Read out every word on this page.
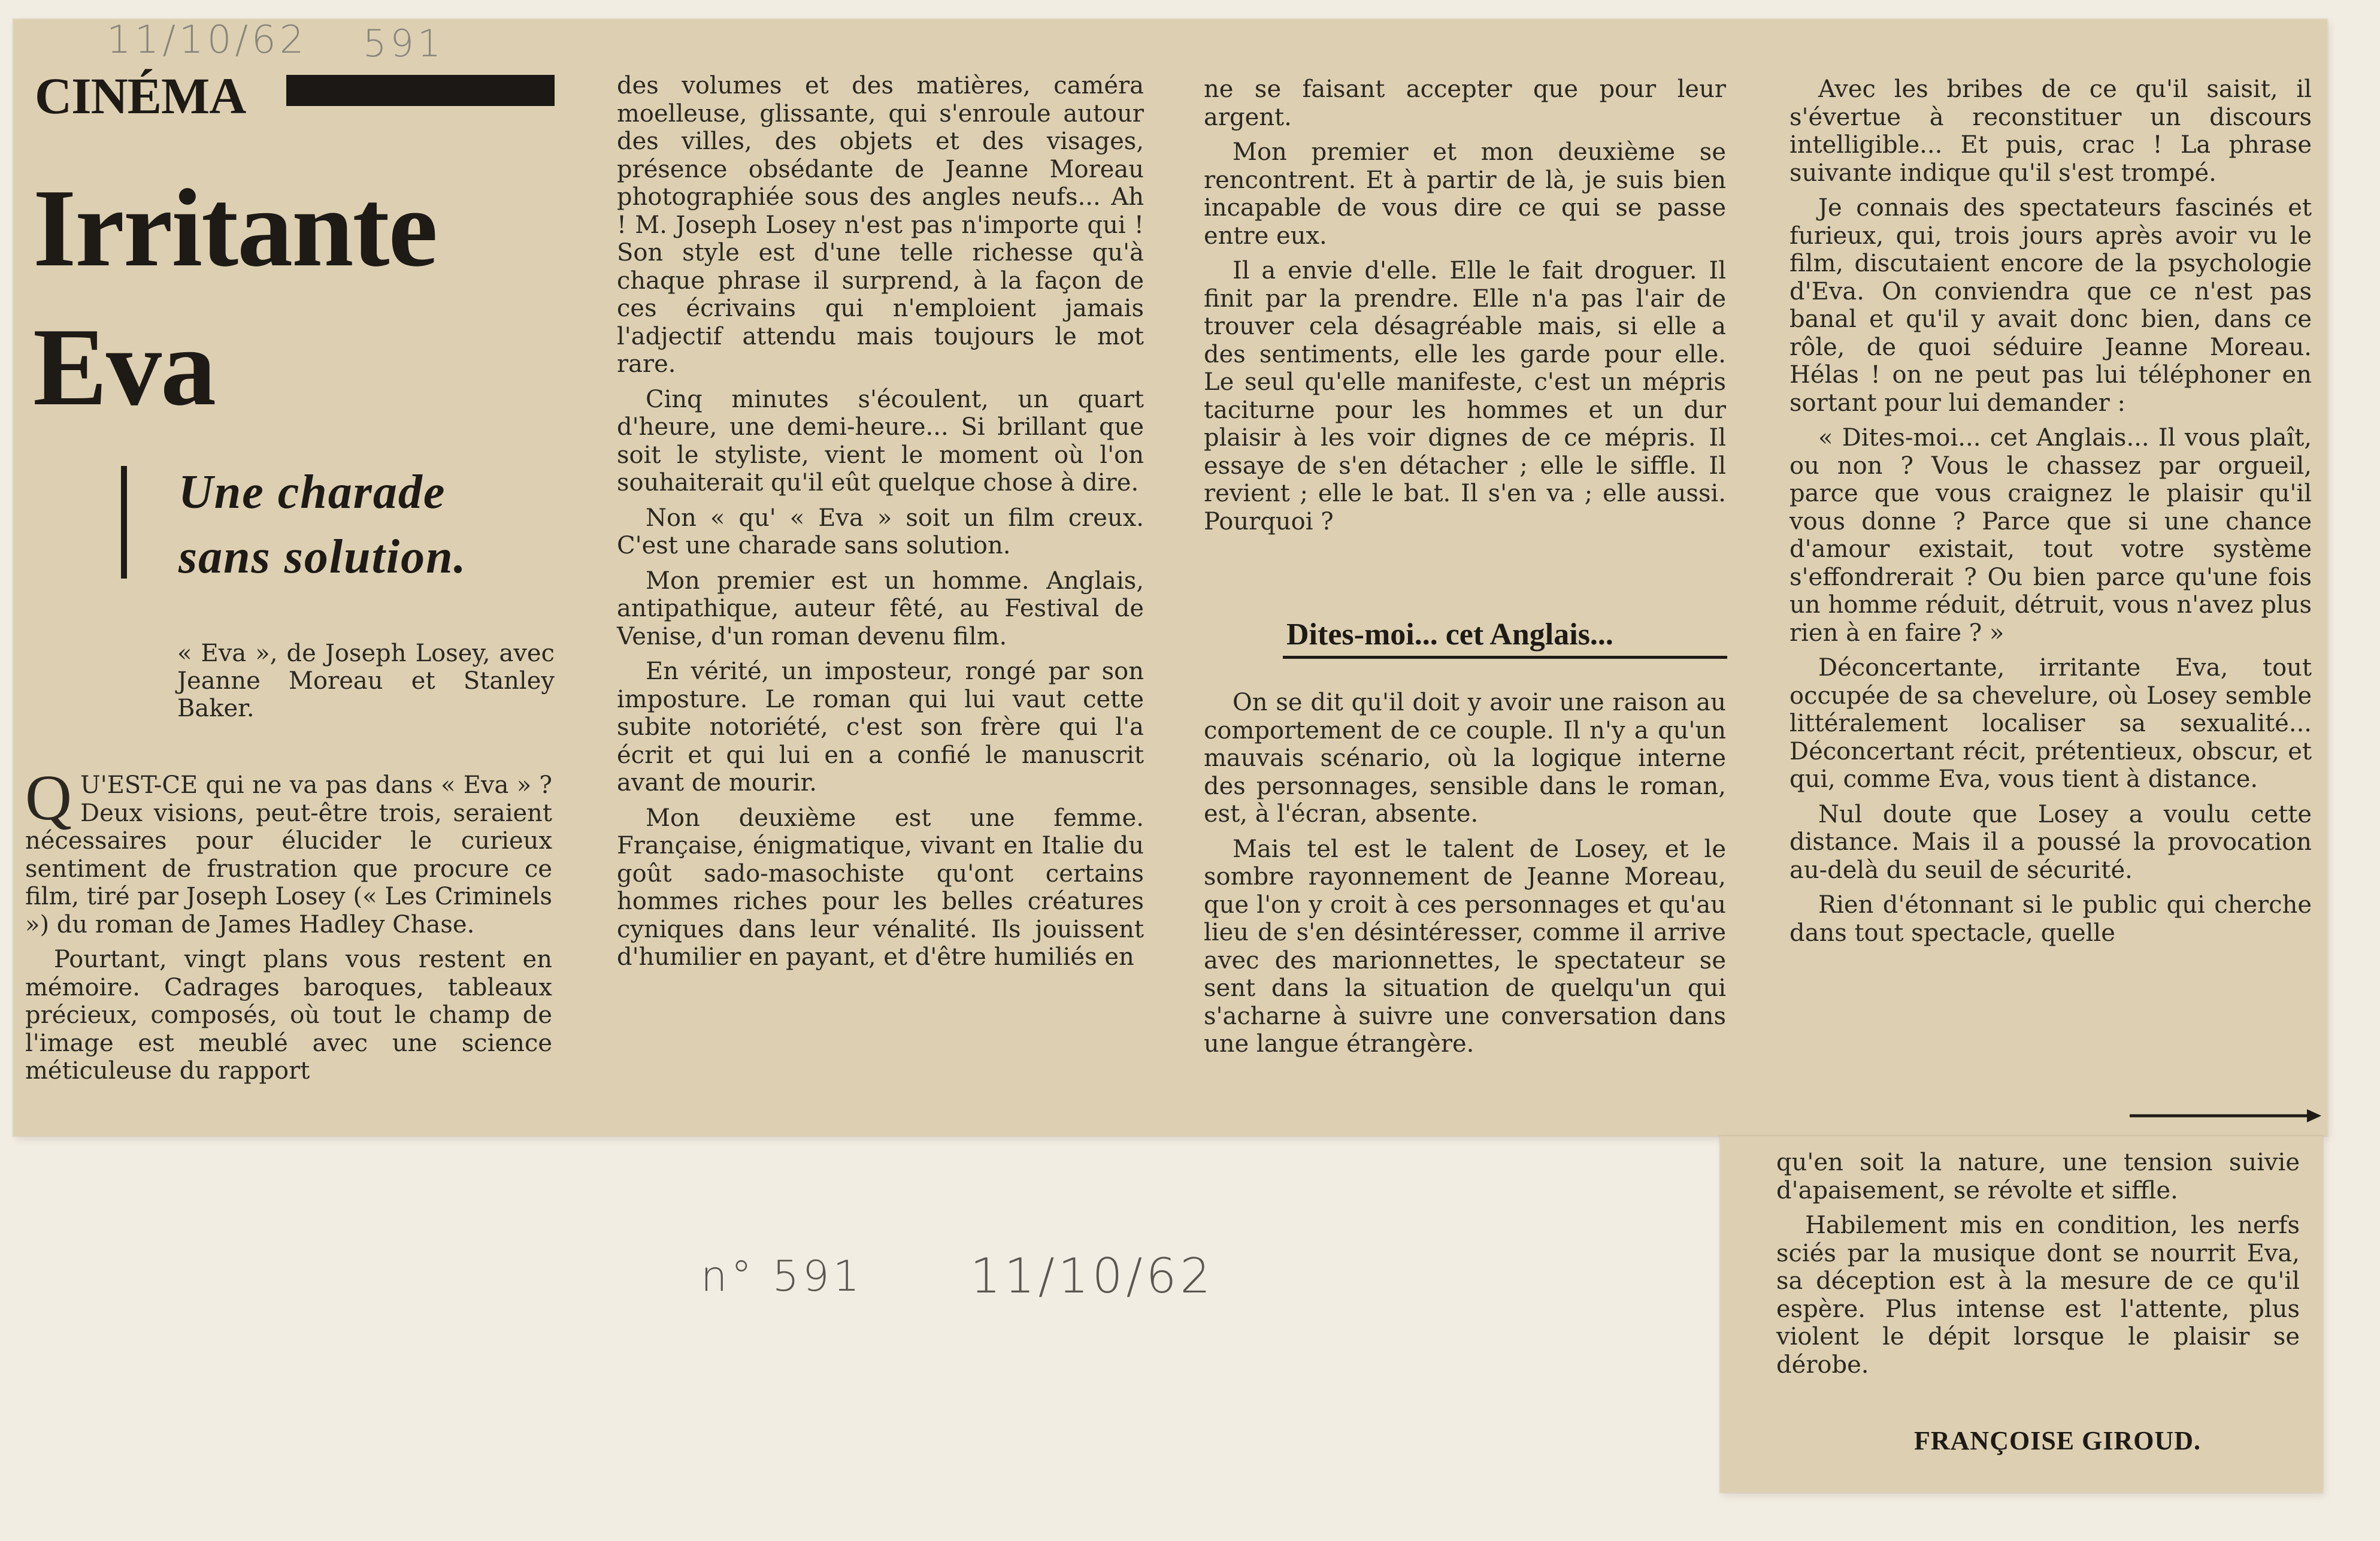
11/10/62 591
CINÉMA
Irritante
Eva
Une charade
sans solution.
« Eva », de Joseph Losey, avec Jeanne Moreau et Stanley Baker.

Q U'EST-CE qui ne va pas dans « Eva » ? Deux visions, peut-être trois, seraient nécessaires pour élucider le curieux sentiment de frustration que procure ce film, tiré par Joseph Losey (« Les Criminels ») du roman de James Hadley Chase.

Pourtant, vingt plans vous restent en mémoire. Cadrages baroques, tableaux précieux, composés, où tout le champ de l'image est meublé avec une science méticuleuse du rapport

des volumes et des matières, caméra moelleuse, glissante, qui s'enroule autour des villes, des objets et des visages, présence obsédante de Jeanne Moreau photographiée sous des angles neufs... Ah ! M. Joseph Losey n'est pas n'importe qui ! Son style est d'une telle richesse qu'à chaque phrase il surprend, à la façon de ces écrivains qui n'emploient jamais l'adjectif attendu mais toujours le mot rare.

Cinq minutes s'écoulent, un quart d'heure, une demi-heure... Si brillant que soit le styliste, vient le moment où l'on souhaiterait qu'il eût quelque chose à dire.

Non « qu' « Eva » soit un film creux. C'est une charade sans solution.

Mon premier est un homme. Anglais, antipathique, auteur fêté, au Festival de Venise, d'un roman devenu film.

En vérité, un imposteur, rongé par son imposture. Le roman qui lui vaut cette subite notoriété, c'est son frère qui l'a écrit et qui lui en a confié le manuscrit avant de mourir.

Mon deuxième est une femme. Française, énigmatique, vivant en Italie du goût sado-masochiste qu'ont certains hommes riches pour les belles créatures cyniques dans leur vénalité. Ils jouissent d'humilier en payant, et d'être humiliés en

ne se faisant accepter que pour leur argent.

Mon premier et mon deuxième se rencontrent. Et à partir de là, je suis bien incapable de vous dire ce qui se passe entre eux.

Il a envie d'elle. Elle le fait droguer. Il finit par la prendre. Elle n'a pas l'air de trouver cela désagréable mais, si elle a des sentiments, elle les garde pour elle. Le seul qu'elle manifeste, c'est un mépris taciturne pour les hommes et un dur plaisir à les voir dignes de ce mépris. Il essaye de s'en détacher ; elle le siffle. Il revient ; elle le bat. Il s'en va ; elle aussi. Pourquoi ?

Dites-moi... cet Anglais...

On se dit qu'il doit y avoir une raison au comportement de ce couple. Il n'y a qu'un mauvais scénario, où la logique interne des personnages, sensible dans le roman, est, à l'écran, absente.

Mais tel est le talent de Losey, et le sombre rayonnement de Jeanne Moreau, que l'on y croit à ces personnages et qu'au lieu de s'en désintéresser, comme il arrive avec des marionnettes, le spectateur se sent dans la situation de quelqu'un qui s'acharne à suivre une conversation dans une langue étrangère.

Avec les bribes de ce qu'il saisit, il s'évertue à reconstituer un discours intelligible... Et puis, crac ! La phrase suivante indique qu'il s'est trompé.

Je connais des spectateurs fascinés et furieux, qui, trois jours après avoir vu le film, discutaient encore de la psychologie d'Eva. On conviendra que ce n'est pas banal et qu'il y avait donc bien, dans ce rôle, de quoi séduire Jeanne Moreau. Hélas ! on ne peut pas lui téléphoner en sortant pour lui demander :

« Dites-moi... cet Anglais... Il vous plaît, ou non ? Vous le chassez par orgueil, parce que vous craignez le plaisir qu'il vous donne ? Parce que si une chance d'amour existait, tout votre système s'effondrerait ? Ou bien parce qu'une fois un homme réduit, détruit, vous n'avez plus rien à en faire ? »

Déconcertante, irritante Eva, tout occupée de sa chevelure, où Losey semble littéralement localiser sa sexualité... Déconcertant récit, prétentieux, obscur, et qui, comme Eva, vous tient à distance.

Nul doute que Losey a voulu cette distance. Mais il a poussé la provocation au-delà du seuil de sécurité.

Rien d'étonnant si le public qui cherche dans tout spectacle, quelle

qu'en soit la nature, une tension suivie d'apaisement, se révolte et siffle.

Habilement mis en condition, les nerfs sciés par la musique dont se nourrit Eva, sa déception est à la mesure de ce qu'il espère. Plus intense est l'attente, plus violent le dépit lorsque le plaisir se dérobe.

FRANÇOISE GIROUD.
n° 591 11/10/62
